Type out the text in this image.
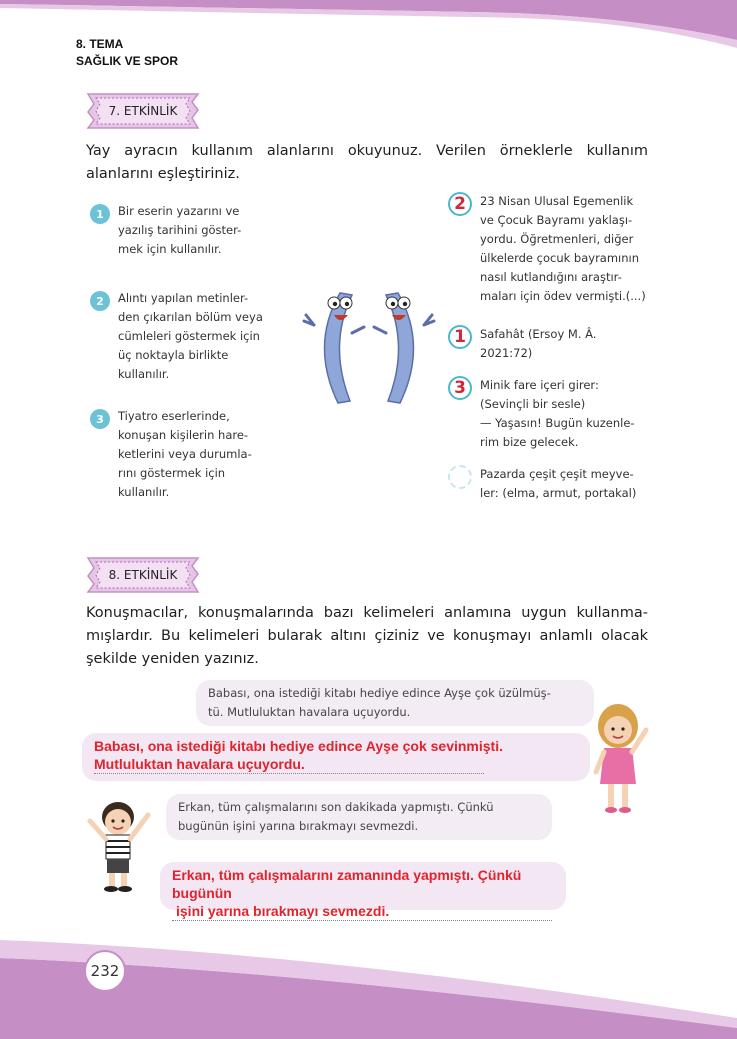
8. TEMA
SAĞLIK VE SPOR
7. ETKİNLİK
Yay ayracın kullanım alanlarını okuyunuz. Verilen örneklerle kullanım alanlarını eşleştiriniz.
1	Bir eserin yazarını ve
yazılış tarihini göster-
mek için kullanılır.
2	Alıntı yapılan metinler-
den çıkarılan bölüm veya
cümleleri göstermek için
üç noktayla birlikte
kullanılır.
3	Tiyatro eserlerinde,
konuşan kişilerin hare-
ketlerini veya durumla-
rını göstermek için
kullanılır.
2	23 Nisan Ulusal Egemenlik
ve Çocuk Bayramı yaklaşı-
yordu. Öğretmenleri, diğer
ülkelerde çocuk bayramının
nasıl kutlandığını araştır-
maları için ödev vermişti.(...)
1	Safahât (Ersoy M. Â.
2021:72)
3	Minik fare içeri girer:
(Sevinçli bir sesle)
— Yaşasın! Bugün kuzenle-
rim bize gelecek.
Pazarda çeşit çeşit meyve-
ler: (elma, armut, portakal)
8. ETKİNLİK
Konuşmacılar, konuşmalarında bazı kelimeleri anlamına uygun kullanma-mışlardır. Bu kelimeleri bularak altını çiziniz ve konuşmayı anlamlı olacak şekilde yeniden yazınız.
Babası, ona istediği kitabı hediye edince Ayşe çok üzülmüş-
tü. Mutluluktan havalara uçuyordu.
Babası, ona istediği kitabı hediye edince Ayşe çok sevinmişti.
Mutluluktan havalara uçuyordu.
Erkan, tüm çalışmalarını son dakikada yapmıştı. Çünkü
bugünün işini yarına bırakmayı sevmezdi.
Erkan, tüm çalışmalarını zamanında yapmıştı. Çünkü bugünün
işini yarına bırakmayı sevmezdi.
232
